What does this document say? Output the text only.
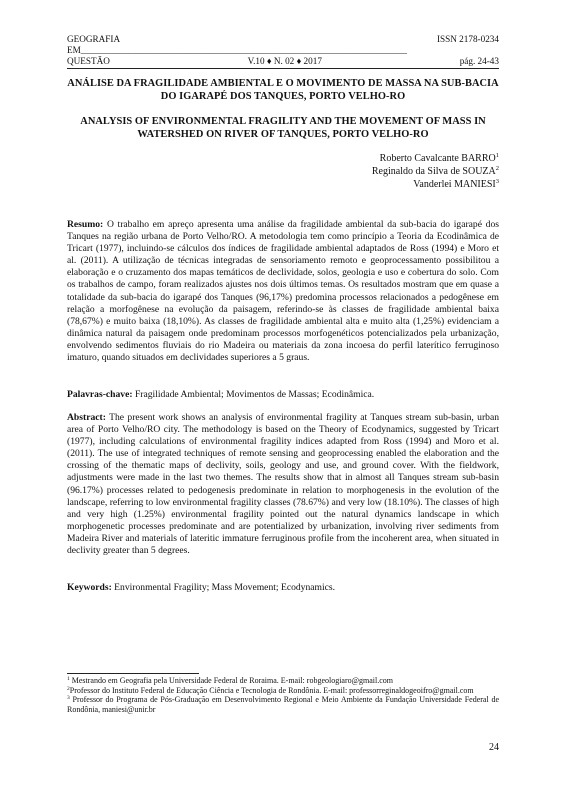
GEOGRAFIA	ISSN 2178-0234
EM_______________________________________________________________________
QUESTÃO	V.10 ♦ N. 02 ♦ 2017	pág. 24-43
ANÁLISE DA FRAGILIDADE AMBIENTAL E O MOVIMENTO DE MASSA NA SUB-BACIA DO IGARAPÉ DOS TANQUES, PORTO VELHO-RO
ANALYSIS OF ENVIRONMENTAL FRAGILITY AND THE MOVEMENT OF MASS IN WATERSHED ON RIVER OF TANQUES, PORTO VELHO-RO
Roberto Cavalcante BARRO$^1$
Reginaldo da Silva de SOUZA$^2$
Vanderlei MANIESI$^3$
Resumo: O trabalho em apreço apresenta uma análise da fragilidade ambiental da sub-bacia do igarapé dos Tanques na região urbana de Porto Velho/RO. A metodologia tem como princípio a Teoria da Ecodinâmica de Tricart (1977), incluindo-se cálculos dos índices de fragilidade ambiental adaptados de Ross (1994) e Moro et al. (2011). A utilização de técnicas integradas de sensoriamento remoto e geoprocessamento possibilitou a elaboração e o cruzamento dos mapas temáticos de declividade, solos, geologia e uso e cobertura do solo. Com os trabalhos de campo, foram realizados ajustes nos dois últimos temas. Os resultados mostram que em quase a totalidade da sub-bacia do igarapé dos Tanques (96,17%) predomina processos relacionados a pedogênese em relação a morfogênese na evolução da paisagem, referindo-se às classes de fragilidade ambiental baixa (78,67%) e muito baixa (18,10%). As classes de fragilidade ambiental alta e muito alta (1,25%) evidenciam a dinâmica natural da paisagem onde predominam processos morfogenéticos potencializados pela urbanização, envolvendo sedimentos fluviais do rio Madeira ou materiais da zona incoesa do perfil laterítico ferruginoso imaturo, quando situados em declividades superiores a 5 graus.
Palavras-chave: Fragilidade Ambiental; Movimentos de Massas; Ecodinâmica.
Abstract: The present work shows an analysis of environmental fragility at Tanques stream sub-basin, urban area of Porto Velho/RO city. The methodology is based on the Theory of Ecodynamics, suggested by Tricart (1977), including calculations of environmental fragility indices adapted from Ross (1994) and Moro et al. (2011). The use of integrated techniques of remote sensing and geoprocessing enabled the elaboration and the crossing of the thematic maps of declivity, soils, geology and use, and ground cover. With the fieldwork, adjustments were made in the last two themes. The results show that in almost all Tanques stream sub-basin (96.17%) processes related to pedogenesis predominate in relation to morphogenesis in the evolution of the landscape, referring to low environmental fragility classes (78.67%) and very low (18.10%). The classes of high and very high (1.25%) environmental fragility pointed out the natural dynamics landscape in which morphogenetic processes predominate and are potentialized by urbanization, involving river sediments from Madeira River and materials of lateritic immature ferruginous profile from the incoherent area, when situated in declivity greater than 5 degrees.
Keywords: Environmental Fragility; Mass Movement; Ecodynamics.
$^1$ Mestrando em Geografia pela Universidade Federal de Roraima. E-mail: robgeologiaro@gmail.com
$^2$Professor do Instituto Federal de Educação Ciência e Tecnologia de Rondônia. E-mail: professorreginaldogeoifro@gmail.com
$^3$ Professor do Programa de Pós-Graduação em Desenvolvimento Regional e Meio Ambiente da Fundação Universidade Federal de Rondônia, maniesi@unir.br
24
